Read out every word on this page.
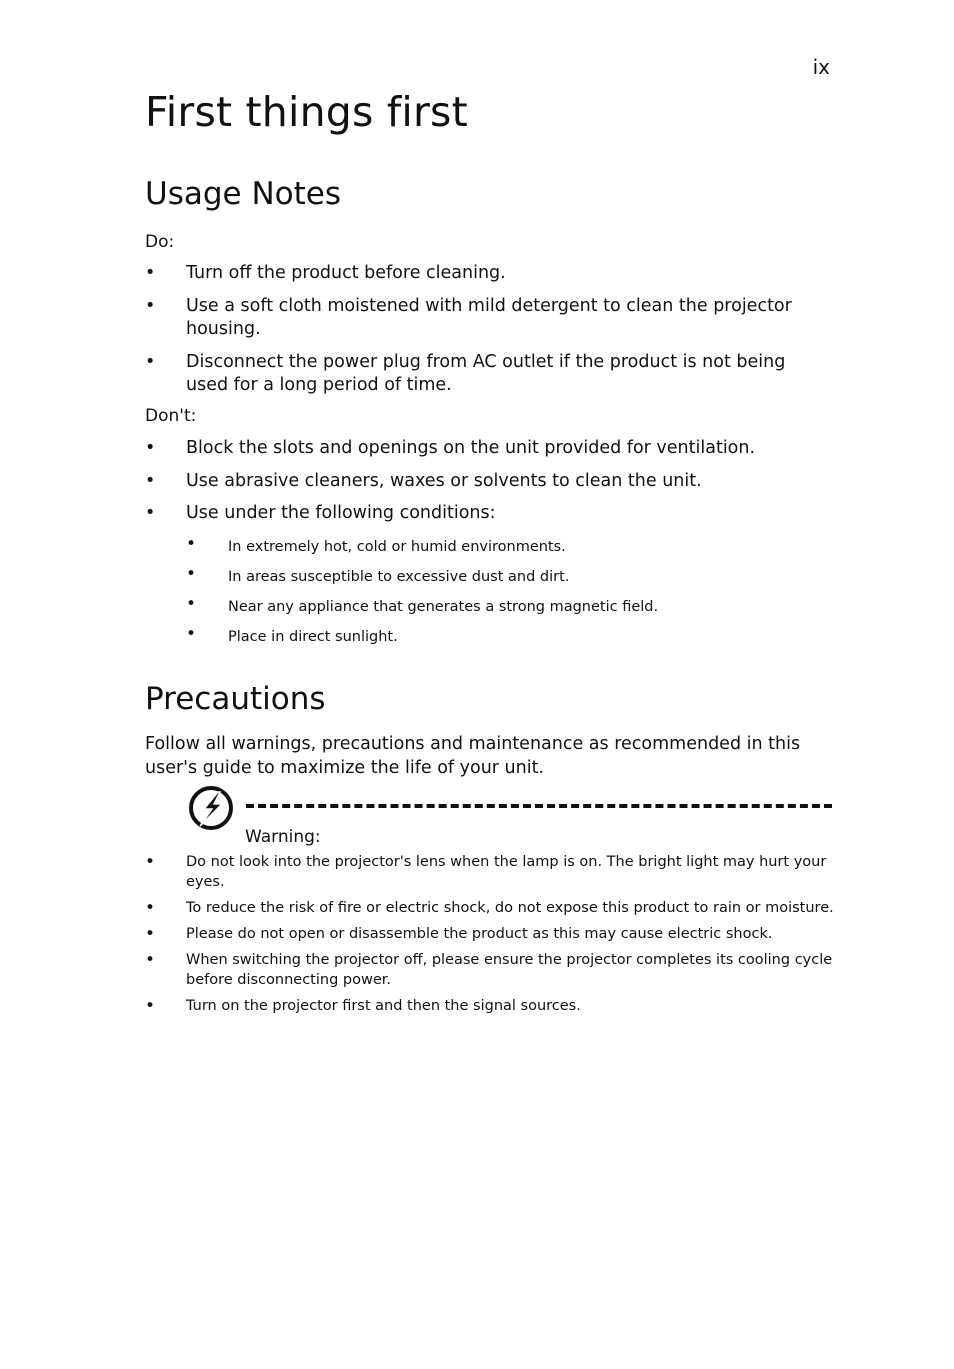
ix
First things first
Usage Notes
Do:
• Turn off the product before cleaning.
• Use a soft cloth moistened with mild detergent to clean the projector housing.
• Disconnect the power plug from AC outlet if the product is not being used for a long period of time.
Don't:
• Block the slots and openings on the unit provided for ventilation.
• Use abrasive cleaners, waxes or solvents to clean the unit.
• Use under the following conditions:
• In extremely hot, cold or humid environments.
• In areas susceptible to excessive dust and dirt.
• Near any appliance that generates a strong magnetic field.
• Place in direct sunlight.
Precautions

Follow all warnings, precautions and maintenance as recommended in this user's guide to maximize the life of your unit.

Warning:
• Do not look into the projector's lens when the lamp is on. The bright light may hurt your eyes.
• To reduce the risk of fire or electric shock, do not expose this product to rain or moisture.
• Please do not open or disassemble the product as this may cause electric shock.
• When switching the projector off, please ensure the projector completes its cooling cycle before disconnecting power.
• Turn on the projector first and then the signal sources.
